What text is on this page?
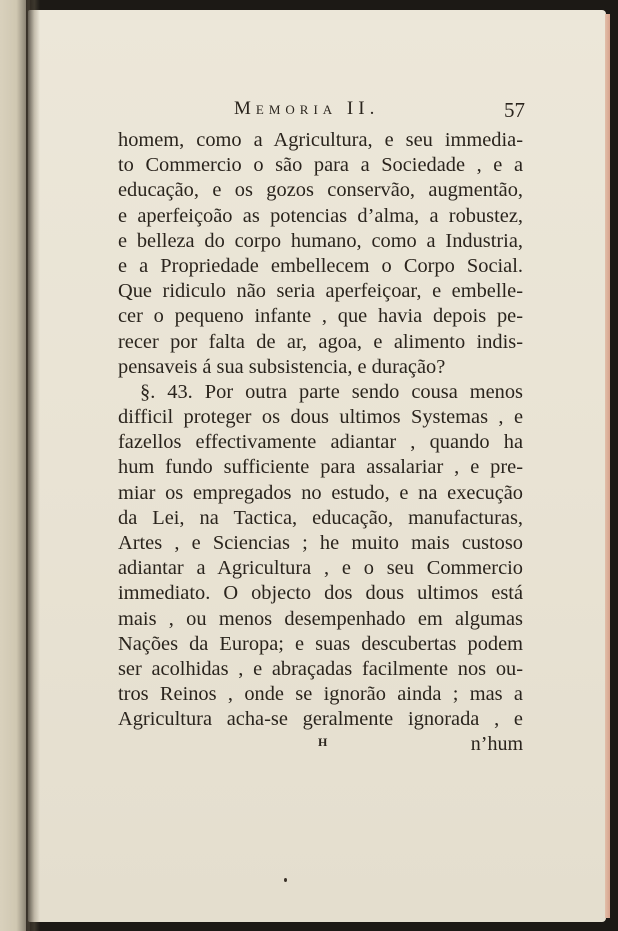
Memoria II.	57
homem, como a Agricultura, e seu immedia-
to Commercio o são para a Sociedade , e a
educação, e os gozos conservão, augmentão,
e aperfeiçoão as potencias d’alma, a robustez,
e belleza do corpo humano, como a Industria,
e a Propriedade embellecem o Corpo Social.
Que ridiculo não seria aperfeiçoar, e embelle-
cer o pequeno infante , que havia depois pe-
recer por falta de ar, agoa, e alimento indis-
pensaveis á sua subsistencia, e duração?
§. 43. Por outra parte sendo cousa menos
difficil proteger os dous ultimos Systemas , e
fazellos effectivamente adiantar , quando ha
hum fundo sufficiente para assalariar , e pre-
miar os empregados no estudo, e na execução
da Lei, na Tactica, educação, manufacturas,
Artes , e Sciencias ; he muito mais custoso
adiantar a Agricultura , e o seu Commercio
immediato. O objecto dos dous ultimos está
mais , ou menos desempenhado em algumas
Nações da Europa; e suas descubertas podem
ser acolhidas , e abraçadas facilmente nos ou-
tros Reinos , onde se ignorão ainda ; mas a
Agricultura acha-se geralmente ignorada , e
H	n’hum
